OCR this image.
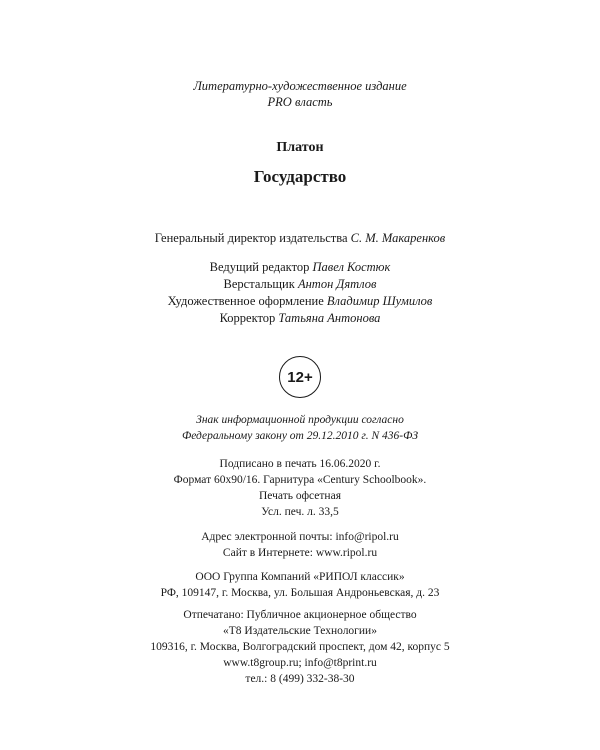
Литературно-художественное издание
PRO власть
Платон
Государство
Генеральный директор издательства С. М. Макаренков
Ведущий редактор Павел Костюк
Верстальщик Антон Дятлов
Художественное оформление Владимир Шумилов
Корректор Татьяна Антонова
12+
Знак информационной продукции согласно
Федеральному закону от 29.12.2010 г. N 436-ФЗ
Подписано в печать 16.06.2020 г.
Формат 60x90/16. Гарнитура «Century Schoolbook».
Печать офсетная
Усл. печ. л. 33,5
Адрес электронной почты: info@ripol.ru
Сайт в Интернете: www.ripol.ru
ООО Группа Компаний «РИПОЛ классик»
РФ, 109147, г. Москва, ул. Большая Андроньевская, д. 23
Отпечатано: Публичное акционерное общество
«Т8 Издательские Технологии»
109316, г. Москва, Волгоградский проспект, дом 42, корпус 5
www.t8group.ru; info@t8print.ru
тел.: 8 (499) 332-38-30
